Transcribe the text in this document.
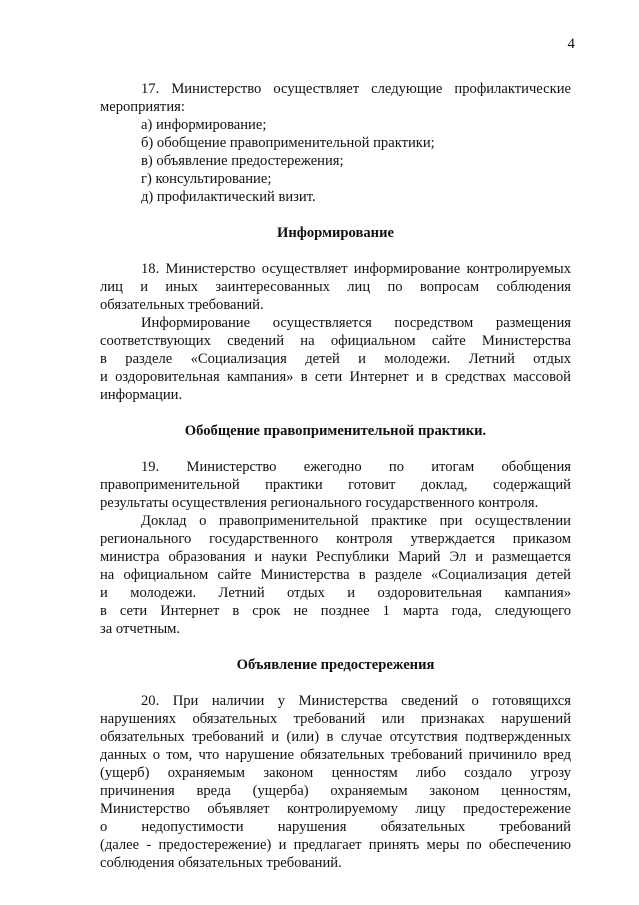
4
17. Министерство осуществляет следующие профилактические
мероприятия:
а) информирование;
б) обобщение правоприменительной практики;
в) объявление предостережения;
г) консультирование;
д) профилактический визит.
Информирование
18. Министерство осуществляет информирование контролируемых
лиц и иных заинтересованных лиц по вопросам соблюдения
обязательных требований.
Информирование осуществляется посредством размещения
соответствующих сведений на официальном сайте Министерства
в разделе «Социализация детей и молодежи. Летний отдых
и оздоровительная кампания» в сети Интернет и в средствах массовой
информации.
Обобщение правоприменительной практики.
19. Министерство ежегодно по итогам обобщения
правоприменительной практики готовит доклад, содержащий
результаты осуществления регионального государственного контроля.
Доклад о правоприменительной практике при осуществлении
регионального государственного контроля утверждается приказом
министра образования и науки Республики Марий Эл и размещается
на официальном сайте Министерства в разделе «Социализация детей
и молодежи. Летний отдых и оздоровительная кампания»
в сети Интернет в срок не позднее 1 марта года, следующего
за отчетным.
Объявление предостережения
20. При наличии у Министерства сведений о готовящихся
нарушениях обязательных требований или признаках нарушений
обязательных требований и (или) в случае отсутствия подтвержденных
данных о том, что нарушение обязательных требований причинило вред
(ущерб) охраняемым законом ценностям либо создало угрозу
причинения вреда (ущерба) охраняемым законом ценностям,
Министерство объявляет контролируемому лицу предостережение
о недопустимости нарушения обязательных требований
(далее - предостережение) и предлагает принять меры по обеспечению
соблюдения обязательных требований.
